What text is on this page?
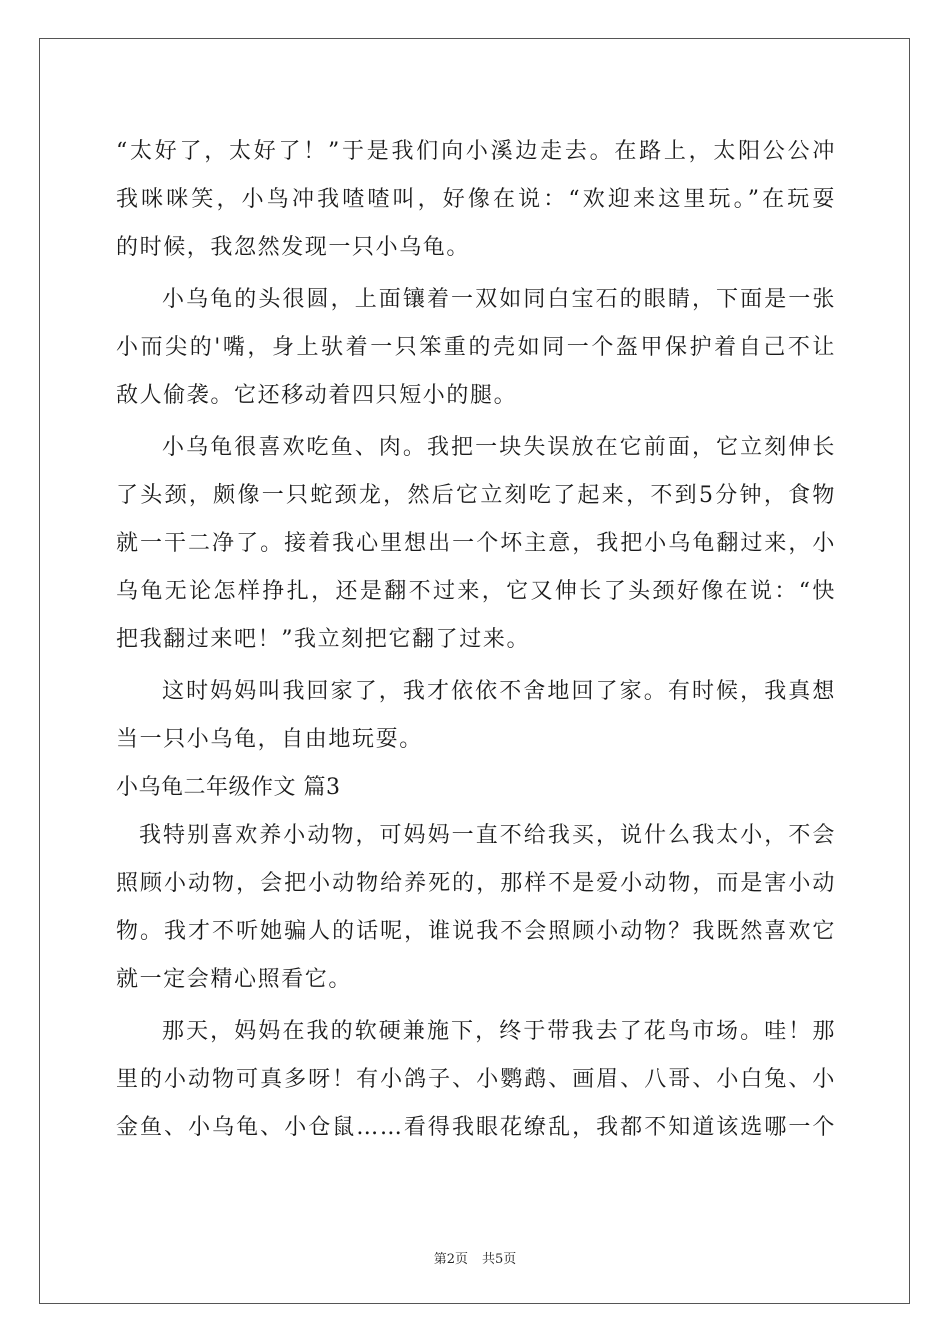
“太好了，太好了！”于是我们向小溪边走去。在路上，太阳公公冲
我咪咪笑，小鸟冲我喳喳叫，好像在说：“欢迎来这里玩。”在玩耍
的时候，我忽然发现一只小乌龟。
小乌龟的头很圆，上面镶着一双如同白宝石的眼睛，下面是一张
小而尖的'嘴，身上驮着一只笨重的壳如同一个盔甲保护着自己不让
敌人偷袭。它还移动着四只短小的腿。
小乌龟很喜欢吃鱼、肉。我把一块失误放在它前面，它立刻伸长
了头颈，颇像一只蛇颈龙，然后它立刻吃了起来，不到5分钟，食物
就一干二净了。接着我心里想出一个坏主意，我把小乌龟翻过来，小
乌龟无论怎样挣扎，还是翻不过来，它又伸长了头颈好像在说：“快
把我翻过来吧！”我立刻把它翻了过来。
这时妈妈叫我回家了，我才依依不舍地回了家。有时候，我真想
当一只小乌龟，自由地玩耍。
小乌龟二年级作文 篇3
我特别喜欢养小动物，可妈妈一直不给我买，说什么我太小，不会
照顾小动物，会把小动物给养死的，那样不是爱小动物，而是害小动
物。我才不听她骗人的话呢，谁说我不会照顾小动物？我既然喜欢它
就一定会精心照看它。
那天，妈妈在我的软硬兼施下，终于带我去了花鸟市场。哇！那
里的小动物可真多呀！有小鸽子、小鹦鹉、画眉、八哥、小白兔、小
金鱼、小乌龟、小仓鼠……看得我眼花缭乱，我都不知道该选哪一个
第2页 共5页
